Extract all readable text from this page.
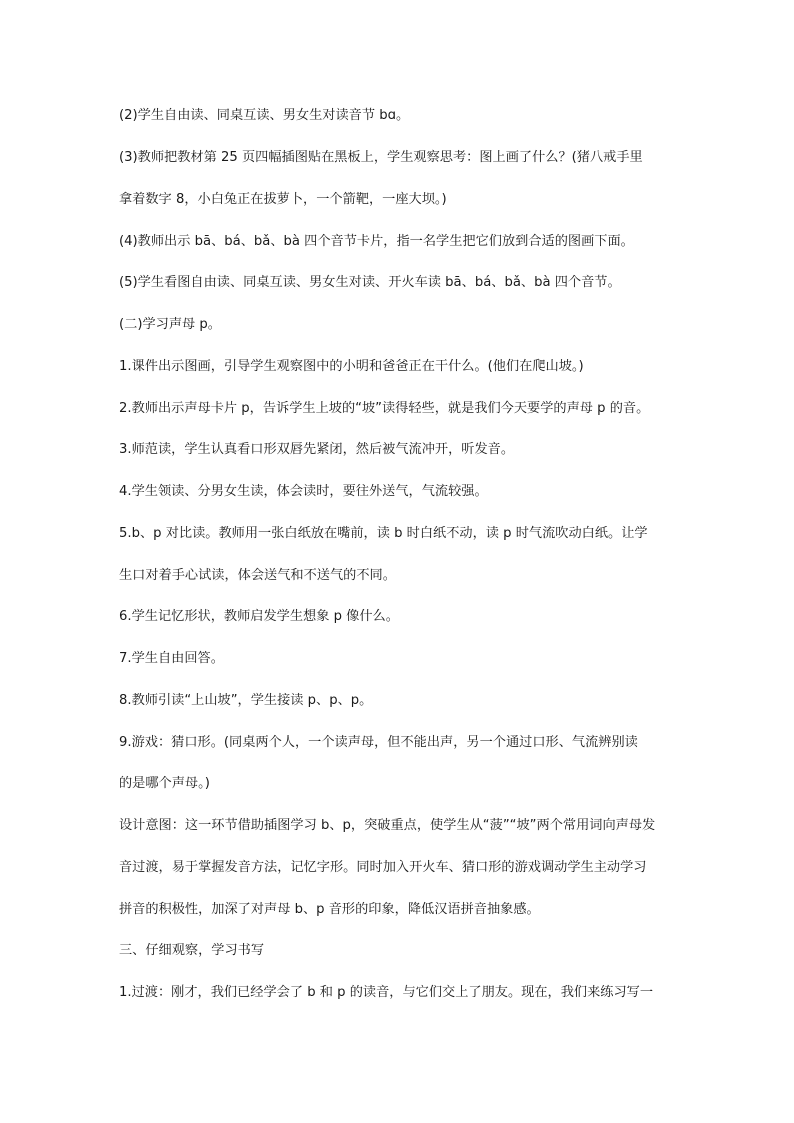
(2)学生自由读、同桌互读、男女生对读音节 bɑ。
(3)教师把教材第 25 页四幅插图贴在黑板上，学生观察思考：图上画了什么？(猪八戒手里
拿着数字 8，小白兔正在拔萝卜，一个箭靶，一座大坝。)
(4)教师出示 bā、bá、bǎ、bà 四个音节卡片，指一名学生把它们放到合适的图画下面。
(5)学生看图自由读、同桌互读、男女生对读、开火车读 bā、bá、bǎ、bà 四个音节。
(二)学习声母 p。
1.课件出示图画，引导学生观察图中的小明和爸爸正在干什么。(他们在爬山坡。)
2.教师出示声母卡片 p，告诉学生上坡的“坡”读得轻些，就是我们今天要学的声母 p 的音。
3.师范读，学生认真看口形双唇先紧闭，然后被气流冲开，听发音。
4.学生领读、分男女生读，体会读时，要往外送气，气流较强。
5.b、p 对比读。教师用一张白纸放在嘴前，读 b 时白纸不动，读 p 时气流吹动白纸。让学
生口对着手心试读，体会送气和不送气的不同。
6.学生记忆形状，教师启发学生想象 p 像什么。
7.学生自由回答。
8.教师引读“上山坡”，学生接读 p、p、p。
9.游戏：猜口形。(同桌两个人，一个读声母，但不能出声，另一个通过口形、气流辨别读
的是哪个声母。)
设计意图：这一环节借助插图学习 b、p，突破重点，使学生从“菠”“坡”两个常用词向声母发
音过渡，易于掌握发音方法，记忆字形。同时加入开火车、猜口形的游戏调动学生主动学习
拼音的积极性，加深了对声母 b、p 音形的印象，降低汉语拼音抽象感。
三、仔细观察，学习书写
1.过渡：刚才，我们已经学会了 b 和 p 的读音，与它们交上了朋友。现在，我们来练习写一
